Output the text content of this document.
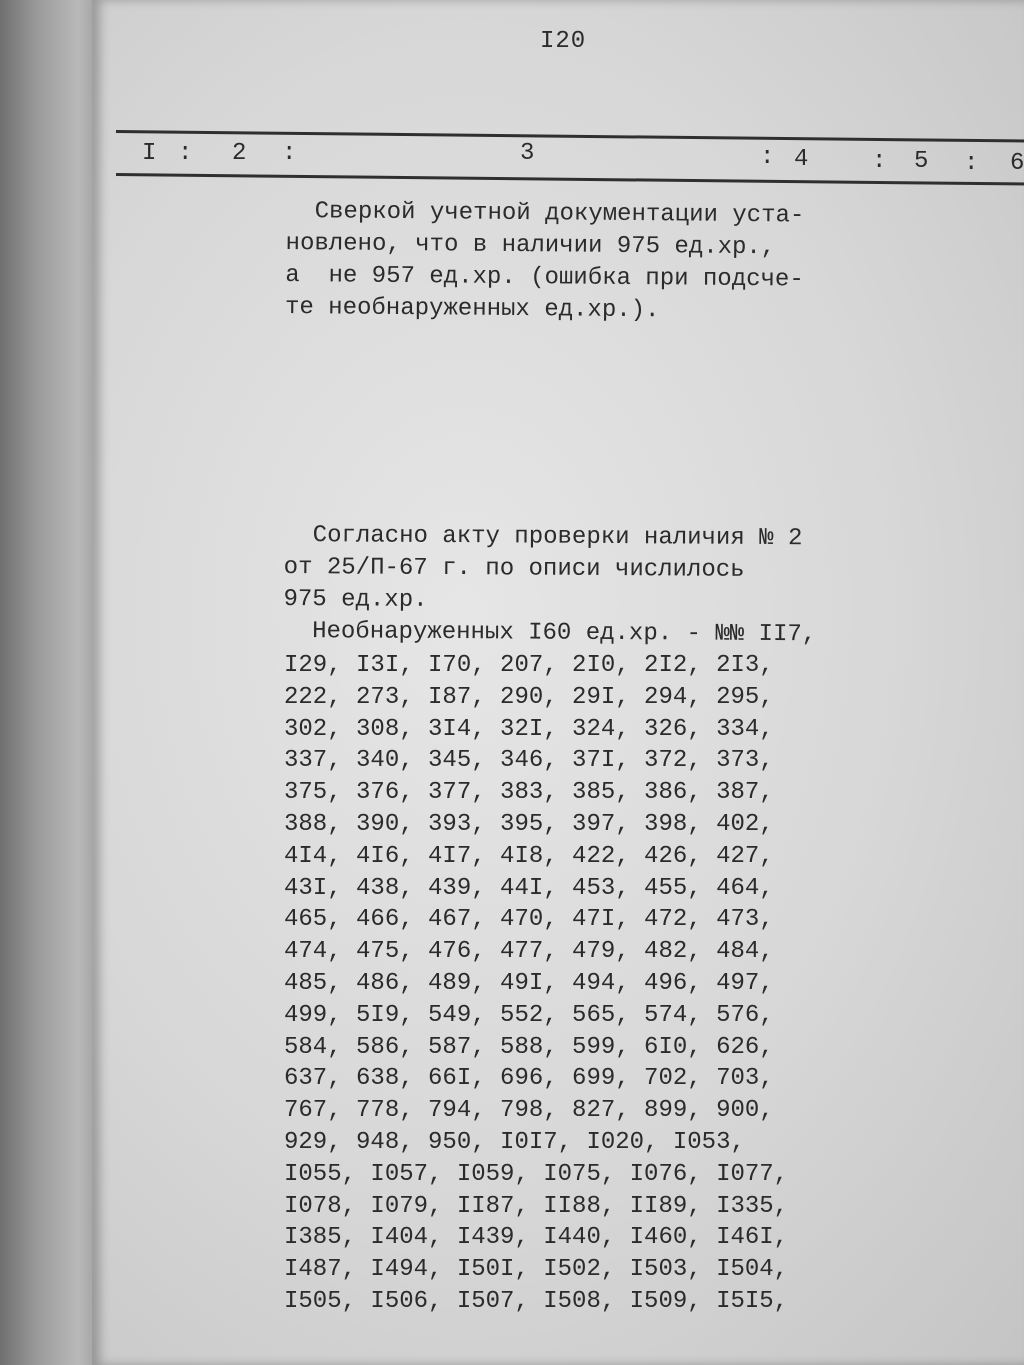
I20
I : 2 :	3	: 4	: 5 : 6
Сверкой учетной документации уста-
новлено, что в наличии 975 ед.хр.,
а  не 957 ед.хр. (ошибка при подсче-
те необнаруженных ед.хр.).
Согласно акту проверки наличия № 2
от 25/П-67 г. по описи числилось
975 ед.хр.
Необнаруженных I60 ед.хр. - №№ II7,
I29, I3I, I70, 207, 2I0, 2I2, 2I3,
222, 273, I87, 290, 29I, 294, 295,
302, 308, 3I4, 32I, 324, 326, 334,
337, 340, 345, 346, 37I, 372, 373,
375, 376, 377, 383, 385, 386, 387,
388, 390, 393, 395, 397, 398, 402,
4I4, 4I6, 4I7, 4I8, 422, 426, 427,
43I, 438, 439, 44I, 453, 455, 464,
465, 466, 467, 470, 47I, 472, 473,
474, 475, 476, 477, 479, 482, 484,
485, 486, 489, 49I, 494, 496, 497,
499, 5I9, 549, 552, 565, 574, 576,
584, 586, 587, 588, 599, 6I0, 626,
637, 638, 66I, 696, 699, 702, 703,
767, 778, 794, 798, 827, 899, 900,
929, 948, 950, I0I7, I020, I053,
I055, I057, I059, I075, I076, I077,
I078, I079, II87, II88, II89, I335,
I385, I404, I439, I440, I460, I46I,
I487, I494, I50I, I502, I503, I504,
I505, I506, I507, I508, I509, I5I5,
